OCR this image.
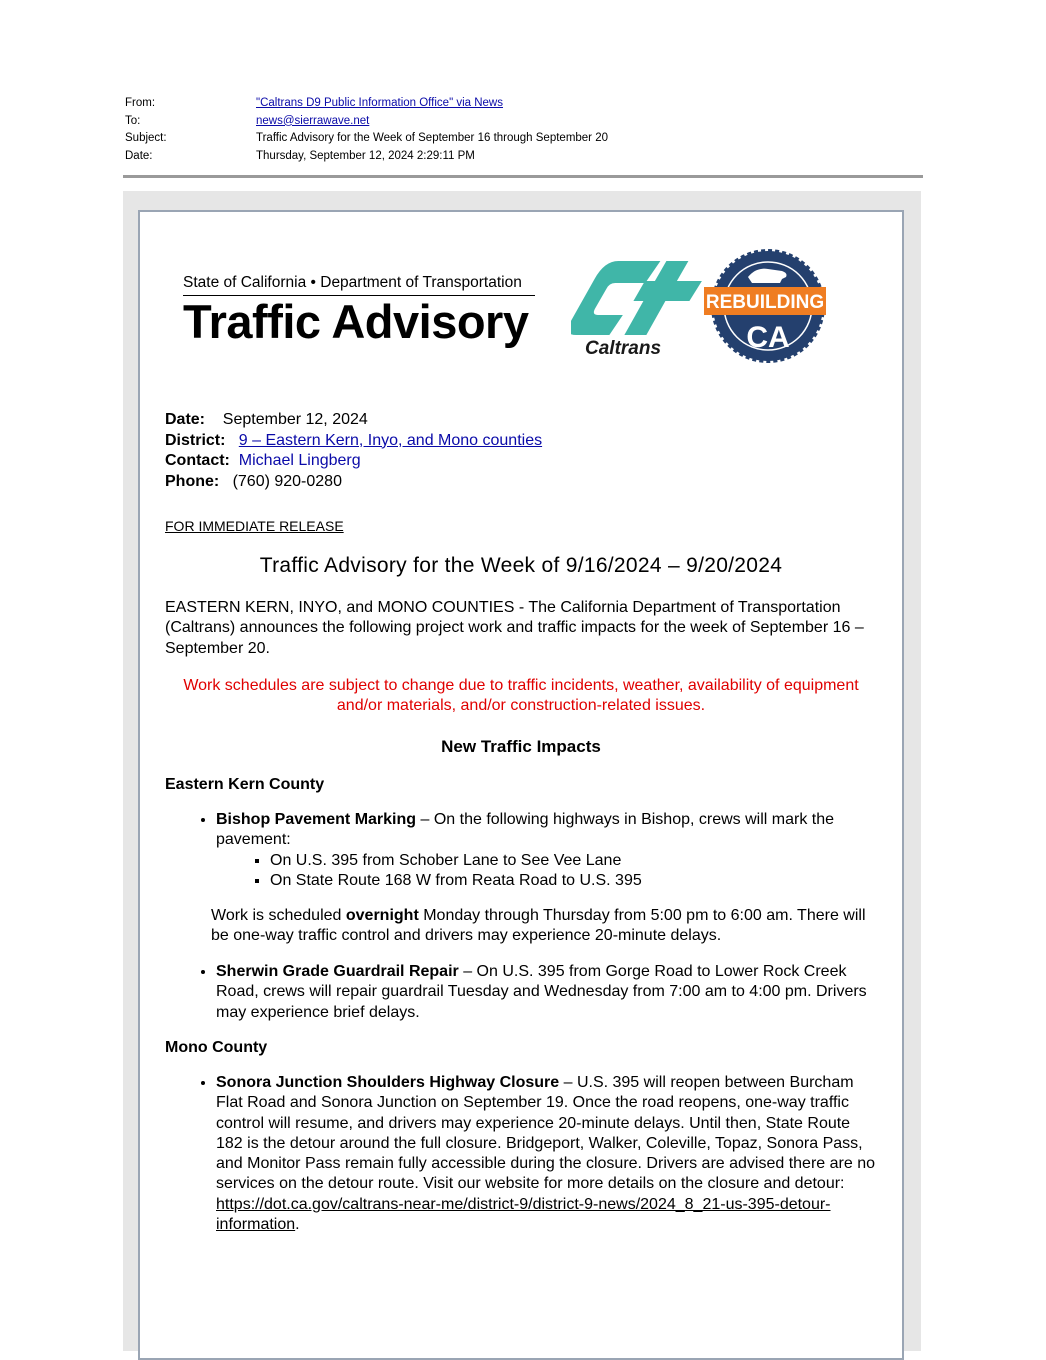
From:	"Caltrans D9 Public Information Office" via News
To:	news@sierrawave.net
Subject:	Traffic Advisory for the Week of September 16 through September 20
Date:	Thursday, September 12, 2024 2:29:11 PM
State of California • Department of Transportation
Traffic Advisory
Caltrans
REBUILDING
CA
Date: September 12, 2024
District: 9 – Eastern Kern, Inyo, and Mono counties
Contact: Michael Lingberg
Phone: (760) 920-0280
FOR IMMEDIATE RELEASE
Traffic Advisory for the Week of 9/16/2024 – 9/20/2024
EASTERN KERN, INYO, and MONO COUNTIES - The California Department of Transportation (Caltrans) announces the following project work and traffic impacts for the week of September 16 – September 20.
Work schedules are subject to change due to traffic incidents, weather, availability of equipment and/or materials, and/or construction-related issues.
New Traffic Impacts
Eastern Kern County
• Bishop Pavement Marking – On the following highways in Bishop, crews will mark the pavement:
▪ On U.S. 395 from Schober Lane to See Vee Lane
▪ On State Route 168 W from Reata Road to U.S. 395
Work is scheduled overnight Monday through Thursday from 5:00 pm to 6:00 am. There will be one-way traffic control and drivers may experience 20-minute delays.
• Sherwin Grade Guardrail Repair – On U.S. 395 from Gorge Road to Lower Rock Creek Road, crews will repair guardrail Tuesday and Wednesday from 7:00 am to 4:00 pm. Drivers may experience brief delays.
Mono County
• Sonora Junction Shoulders Highway Closure – U.S. 395 will reopen between Burcham Flat Road and Sonora Junction on September 19. Once the road reopens, one-way traffic control will resume, and drivers may experience 20-minute delays. Until then, State Route 182 is the detour around the full closure. Bridgeport, Walker, Coleville, Topaz, Sonora Pass, and Monitor Pass remain fully accessible during the closure. Drivers are advised there are no services on the detour route. Visit our website for more details on the closure and detour: https://dot.ca.gov/caltrans-near-me/district-9/district-9-news/2024_8_21-us-395-detour-information.
